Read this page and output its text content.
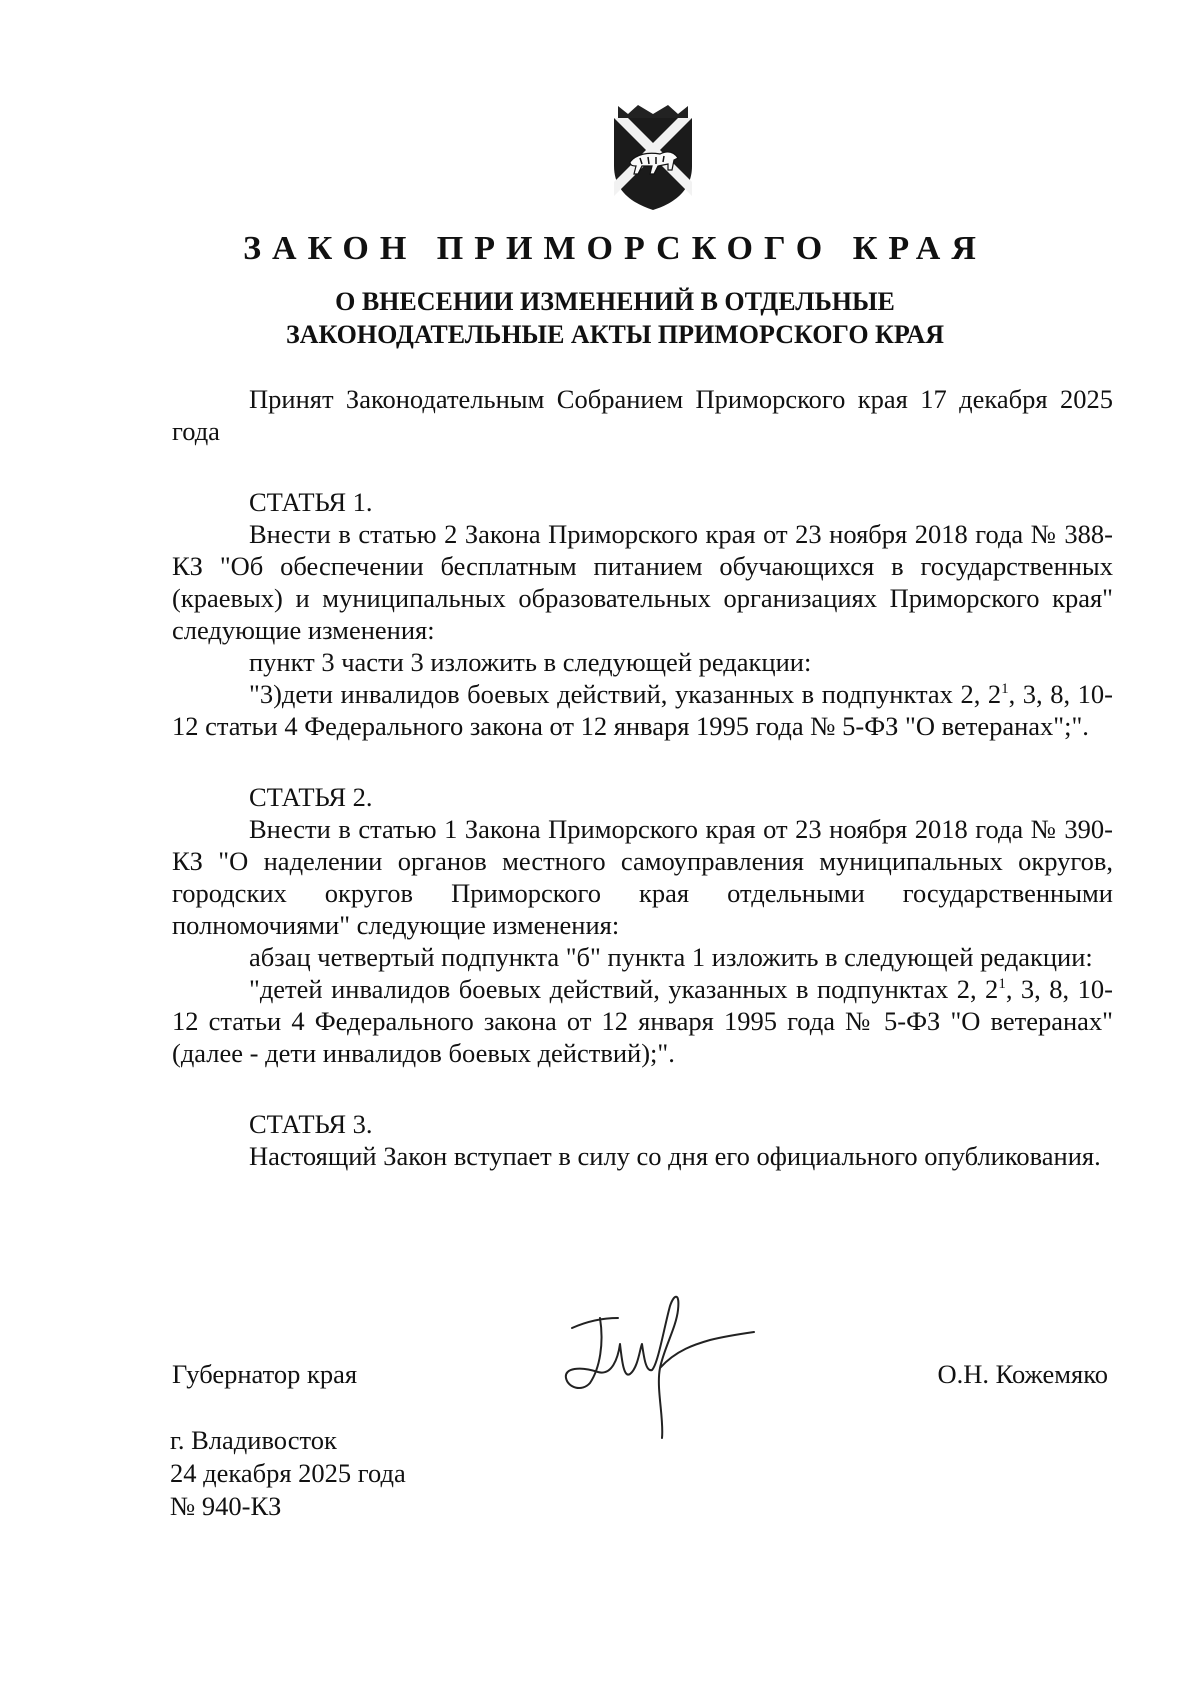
ЗАКОН ПРИМОРСКОГО КРАЯ
О ВНЕСЕНИИ ИЗМЕНЕНИЙ В ОТДЕЛЬНЫЕ
ЗАКОНОДАТЕЛЬНЫЕ АКТЫ ПРИМОРСКОГО КРАЯ

Принят Законодательным Собранием Приморского края 17 декабря 2025 года

СТАТЬЯ 1.

Внести в статью 2 Закона Приморского края от 23 ноября 2018 года № 388-КЗ "Об обеспечении бесплатным питанием обучающихся в государственных (краевых) и муниципальных образовательных организациях Приморского края" следующие изменения:

пункт 3 части 3 изложить в следующей редакции:

"3)дети инвалидов боевых действий, указанных в подпунктах 2, $2^1$, 3, 8, 10-12 статьи 4 Федерального закона от 12 января 1995 года № 5-ФЗ "О ветеранах";".

СТАТЬЯ 2.

Внести в статью 1 Закона Приморского края от 23 ноября 2018 года № 390-КЗ "О наделении органов местного самоуправления муниципальных округов, городских округов Приморского края отдельными государственными полномочиями" следующие изменения:

абзац четвертый подпункта "б" пункта 1 изложить в следующей редакции:

"детей инвалидов боевых действий, указанных в подпунктах 2, $2^1$, 3, 8, 10-12 статьи 4 Федерального закона от 12 января 1995 года № 5-ФЗ "О ветеранах" (далее - дети инвалидов боевых действий);".

СТАТЬЯ 3.

Настоящий Закон вступает в силу со дня его официального опубликования.

Губернатор края	О.Н. Кожемяко
г. Владивосток
24 декабря 2025 года
№ 940-КЗ
